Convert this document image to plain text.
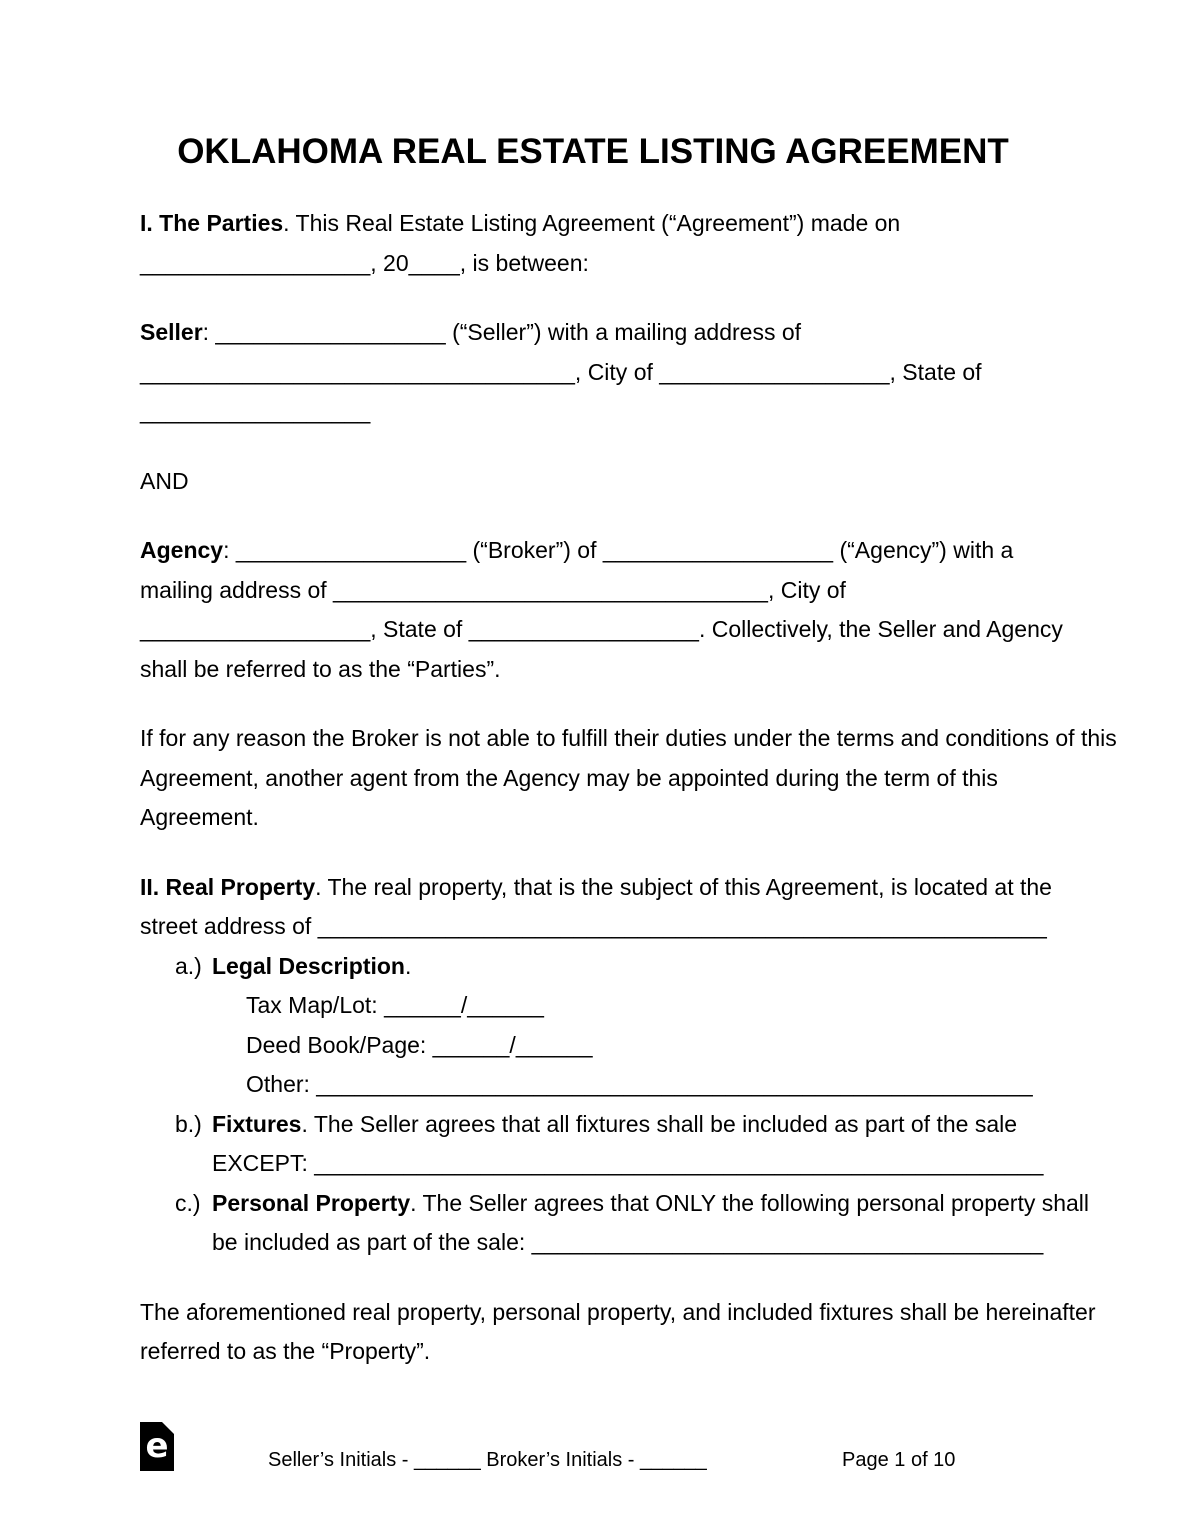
OKLAHOMA REAL ESTATE LISTING AGREEMENT

I. The Parties. This Real Estate Listing Agreement (“Agreement”) made on
__________________, 20____, is between:

Seller: __________________ (“Seller”) with a mailing address of
__________________________________, City of __________________, State of
__________________

AND

Agency: __________________ (“Broker”) of __________________ (“Agency”) with a
mailing address of __________________________________, City of
__________________, State of __________________. Collectively, the Seller and Agency
shall be referred to as the “Parties”.

If for any reason the Broker is not able to fulfill their duties under the terms and conditions of this
Agreement, another agent from the Agency may be appointed during the term of this
Agreement.

II. Real Property. The real property, that is the subject of this Agreement, is located at the
street address of _________________________________________________________

a.) Legal Description.
Tax Map/Lot: ______/______
Deed Book/Page: ______/______
Other: ________________________________________________________
b.) Fixtures. The Seller agrees that all fixtures shall be included as part of the sale
EXCEPT: _________________________________________________________
c.) Personal Property. The Seller agrees that ONLY the following personal property shall
be included as part of the sale: ________________________________________

The aforementioned real property, personal property, and included fixtures shall be hereinafter
referred to as the “Property”.

e	Seller’s Initials - ______ Broker’s Initials - ______	Page 1 of 10
